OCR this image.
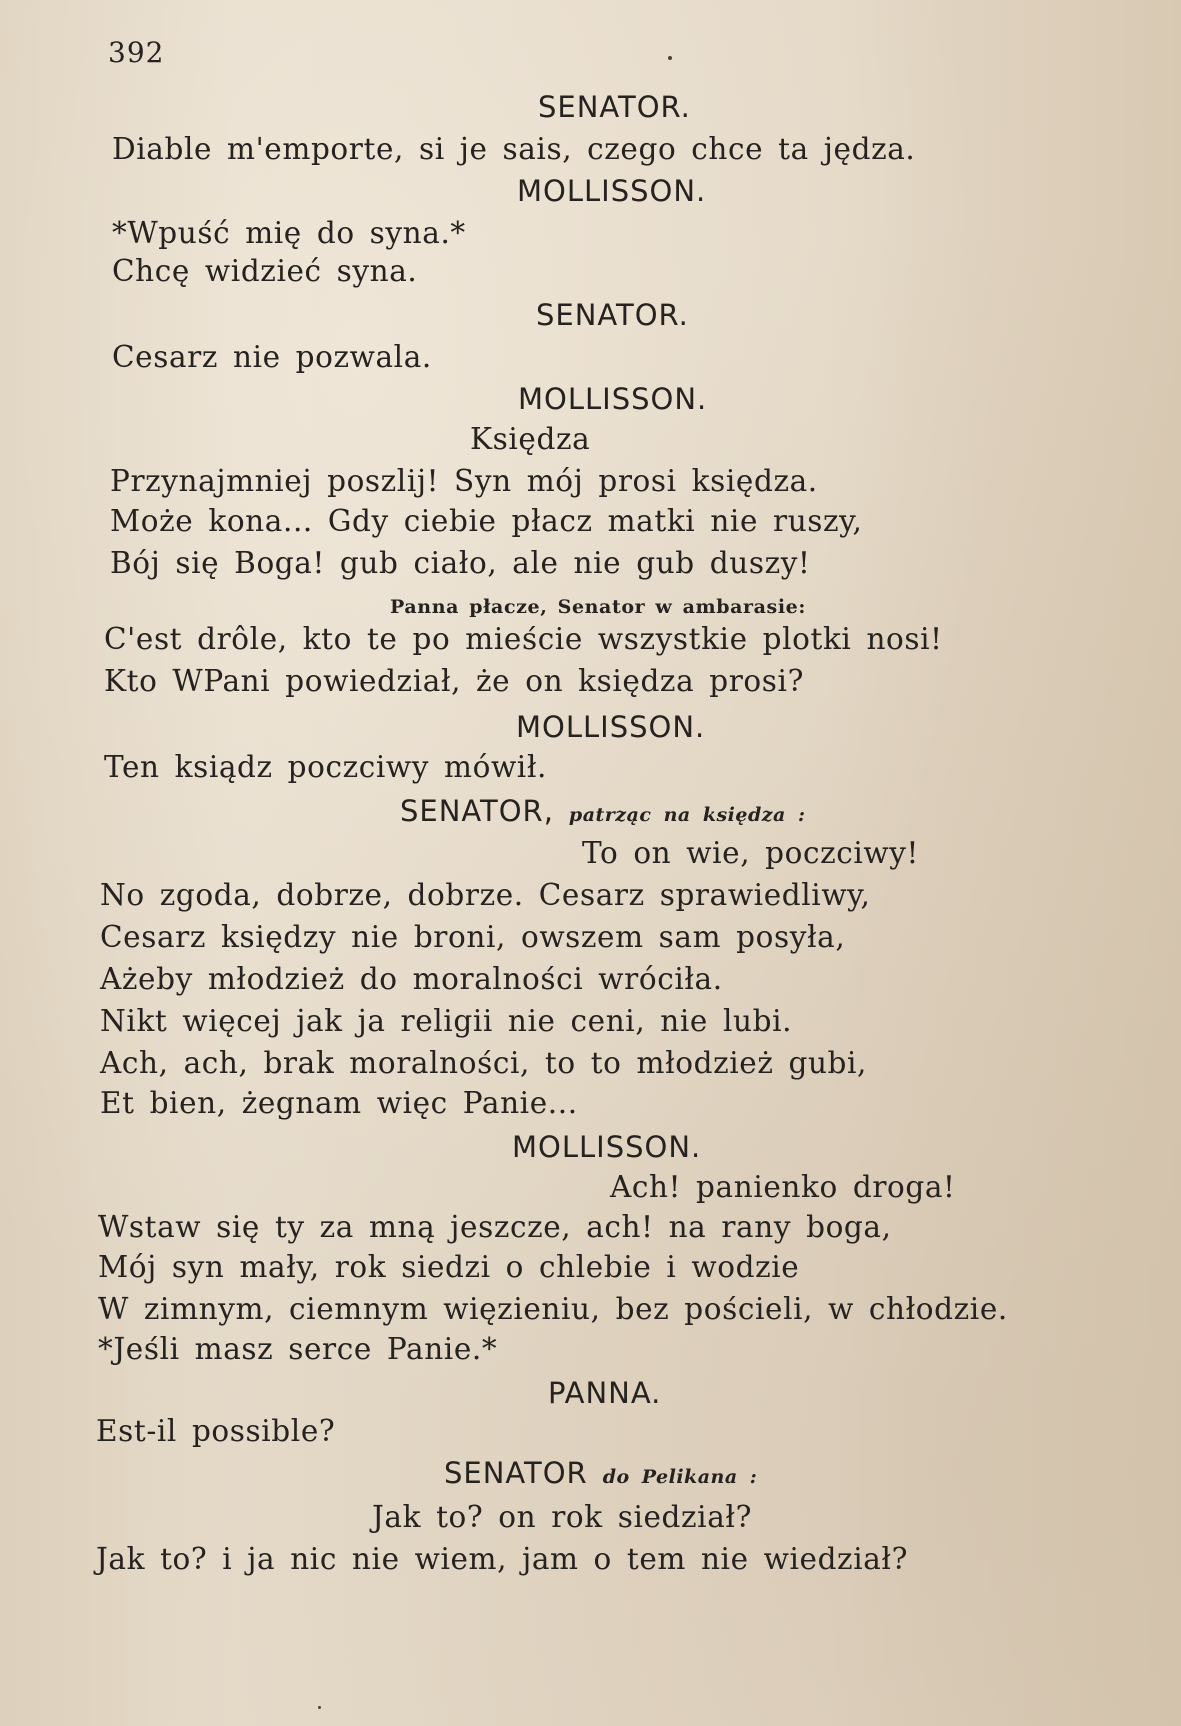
392
SENATOR.
Diable m'emporte, si je sais, czego chce ta jędza.
MOLLISSON.
*Wpuść mię do syna.*
Chcę widzieć syna.
SENATOR.
Cesarz nie pozwala.
MOLLISSON.
Księdza
Przynajmniej poszlij! Syn mój prosi księdza.
Może kona... Gdy ciebie płacz matki nie ruszy,
Bój się Boga! gub ciało, ale nie gub duszy!
Panna płacze, Senator w ambarasie:
C'est drôle, kto te po mieście wszystkie plotki nosi!
Kto WPani powiedział, że on księdza prosi?
MOLLISSON.
Ten ksiądz poczciwy mówił.
SENATOR, patrząc na księdza :
To on wie, poczciwy!
No zgoda, dobrze, dobrze. Cesarz sprawiedliwy,
Cesarz księdzy nie broni, owszem sam posyła,
Ażeby młodzież do moralności wróciła.
Nikt więcej jak ja religii nie ceni, nie lubi.
Ach, ach, brak moralności, to to młodzież gubi,
Et bien, żegnam więc Panie...
MOLLISSON.
Ach! panienko droga!
Wstaw się ty za mną jeszcze, ach! na rany boga,
Mój syn mały, rok siedzi o chlebie i wodzie
W zimnym, ciemnym więzieniu, bez pościeli, w chłodzie.
*Jeśli masz serce Panie.*
PANNA.
Est-il possible?
SENATOR do Pelikana :
Jak to? on rok siedział?
Jak to? i ja nic nie wiem, jam o tem nie wiedział?
